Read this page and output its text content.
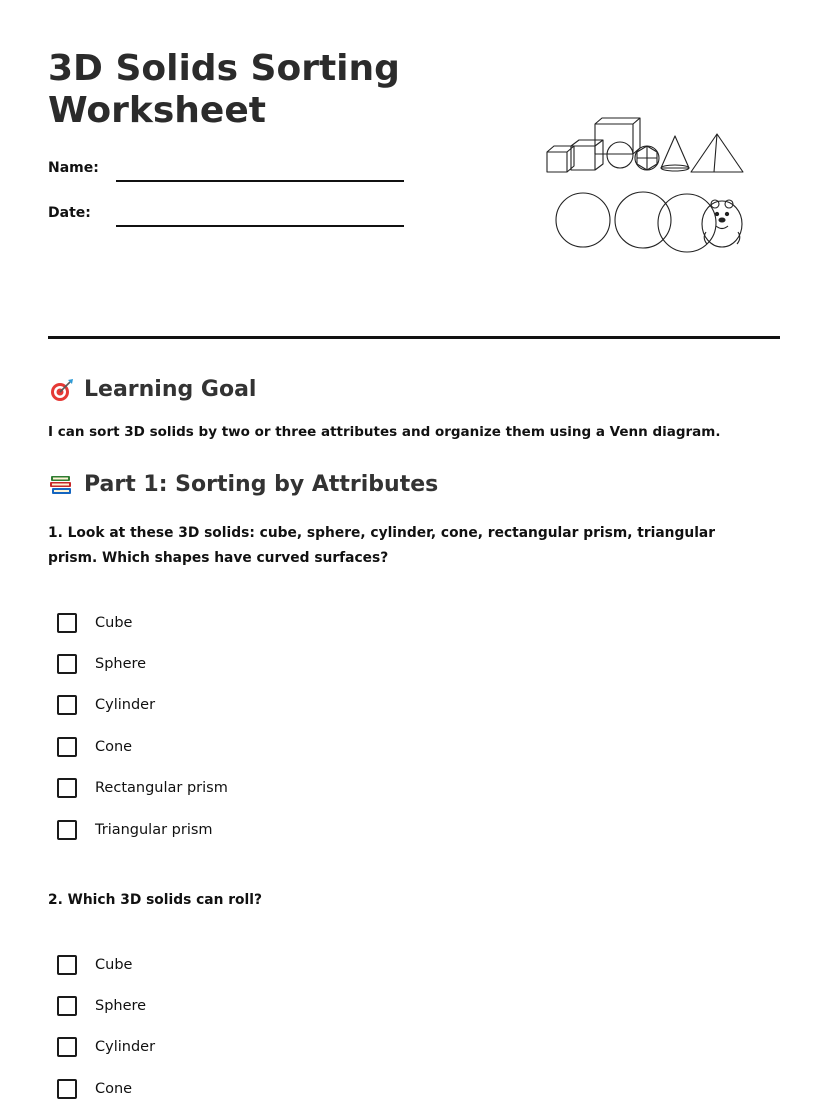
3D Solids Sorting Worksheet
Name:
Date:
Learning Goal
I can sort 3D solids by two or three attributes and organize them using a Venn diagram.
Part 1: Sorting by Attributes
1. Look at these 3D solids: cube, sphere, cylinder, cone, rectangular prism, triangular prism. Which shapes have curved surfaces?
Cube
Sphere
Cylinder
Cone
Rectangular prism
Triangular prism
2. Which 3D solids can roll?
Cube
Sphere
Cylinder
Cone
